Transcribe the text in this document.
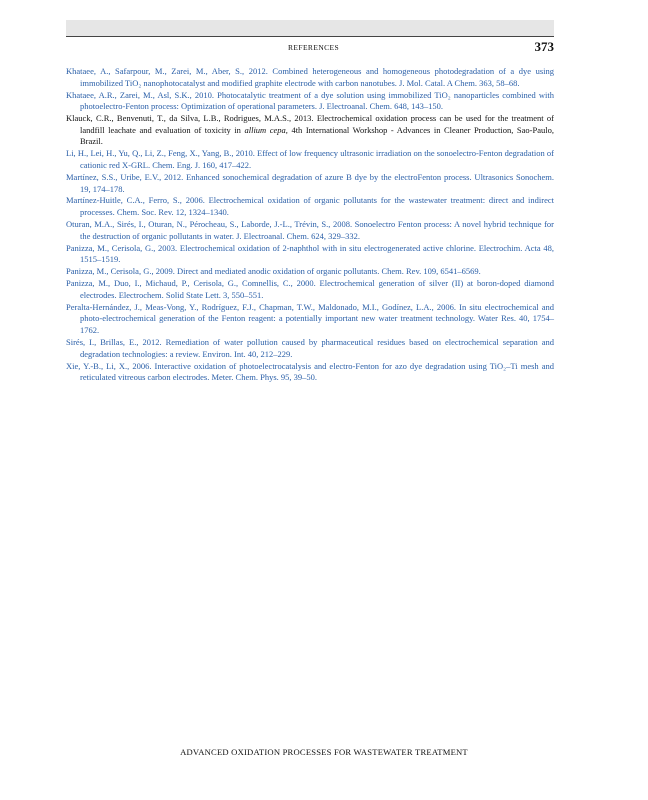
REFERENCES	373

Khataee, A., Safarpour, M., Zarei, M., Aber, S., 2012. Combined heterogeneous and homogeneous photodegradation of a dye using immobilized TiO₂ nanophotocatalyst and modified graphite electrode with carbon nanotubes. J. Mol. Catal. A Chem. 363, 58–68.

Khataee, A.R., Zarei, M., Asl, S.K., 2010. Photocatalytic treatment of a dye solution using immobilized TiO₂ nanoparticles combined with photoelectro-Fenton process: Optimization of operational parameters. J. Electroanal. Chem. 648, 143–150.

Klauck, C.R., Benvenuti, T., da Silva, L.B., Rodrigues, M.A.S., 2013. Electrochemical oxidation process can be used for the treatment of landfill leachate and evaluation of toxicity in allium cepa, 4th International Workshop - Advances in Cleaner Production, Sao-Paulo, Brazil.

Li, H., Lei, H., Yu, Q., Li, Z., Feng, X., Yang, B., 2010. Effect of low frequency ultrasonic irradiation on the sonoelectro-Fenton degradation of cationic red X-GRL. Chem. Eng. J. 160, 417–422.

Martínez, S.S., Uribe, E.V., 2012. Enhanced sonochemical degradation of azure B dye by the electroFenton process. Ultrasonics Sonochem. 19, 174–178.

Martínez-Huitle, C.A., Ferro, S., 2006. Electrochemical oxidation of organic pollutants for the wastewater treatment: direct and indirect processes. Chem. Soc. Rev. 12, 1324–1340.

Oturan, M.A., Sirés, I., Oturan, N., Pérocheau, S., Laborde, J.-L., Trévin, S., 2008. Sonoelectro Fenton process: A novel hybrid technique for the destruction of organic pollutants in water. J. Electroanal. Chem. 624, 329–332.

Panizza, M., Cerisola, G., 2003. Electrochemical oxidation of 2-naphthol with in situ electrogenerated active chlorine. Electrochim. Acta 48, 1515–1519.

Panizza, M., Cerisola, G., 2009. Direct and mediated anodic oxidation of organic pollutants. Chem. Rev. 109, 6541–6569.

Panizza, M., Duo, I., Michaud, P., Cerisola, G., Comnellis, C., 2000. Electrochemical generation of silver (II) at boron-doped diamond electrodes. Electrochem. Solid State Lett. 3, 550–551.

Peralta-Hernández, J., Meas-Vong, Y., Rodríguez, F.J., Chapman, T.W., Maldonado, M.I., Godínez, L.A., 2006. In situ electrochemical and photo-electrochemical generation of the Fenton reagent: a potentially important new water treatment technology. Water Res. 40, 1754–1762.

Sirés, I., Brillas, E., 2012. Remediation of water pollution caused by pharmaceutical residues based on electrochemical separation and degradation technologies: a review. Environ. Int. 40, 212–229.

Xie, Y.-B., Li, X., 2006. Interactive oxidation of photoelectrocatalysis and electro-Fenton for azo dye degradation using TiO₂–Ti mesh and reticulated vitreous carbon electrodes. Meter. Chem. Phys. 95, 39–50.

ADVANCED OXIDATION PROCESSES FOR WASTEWATER TREATMENT
